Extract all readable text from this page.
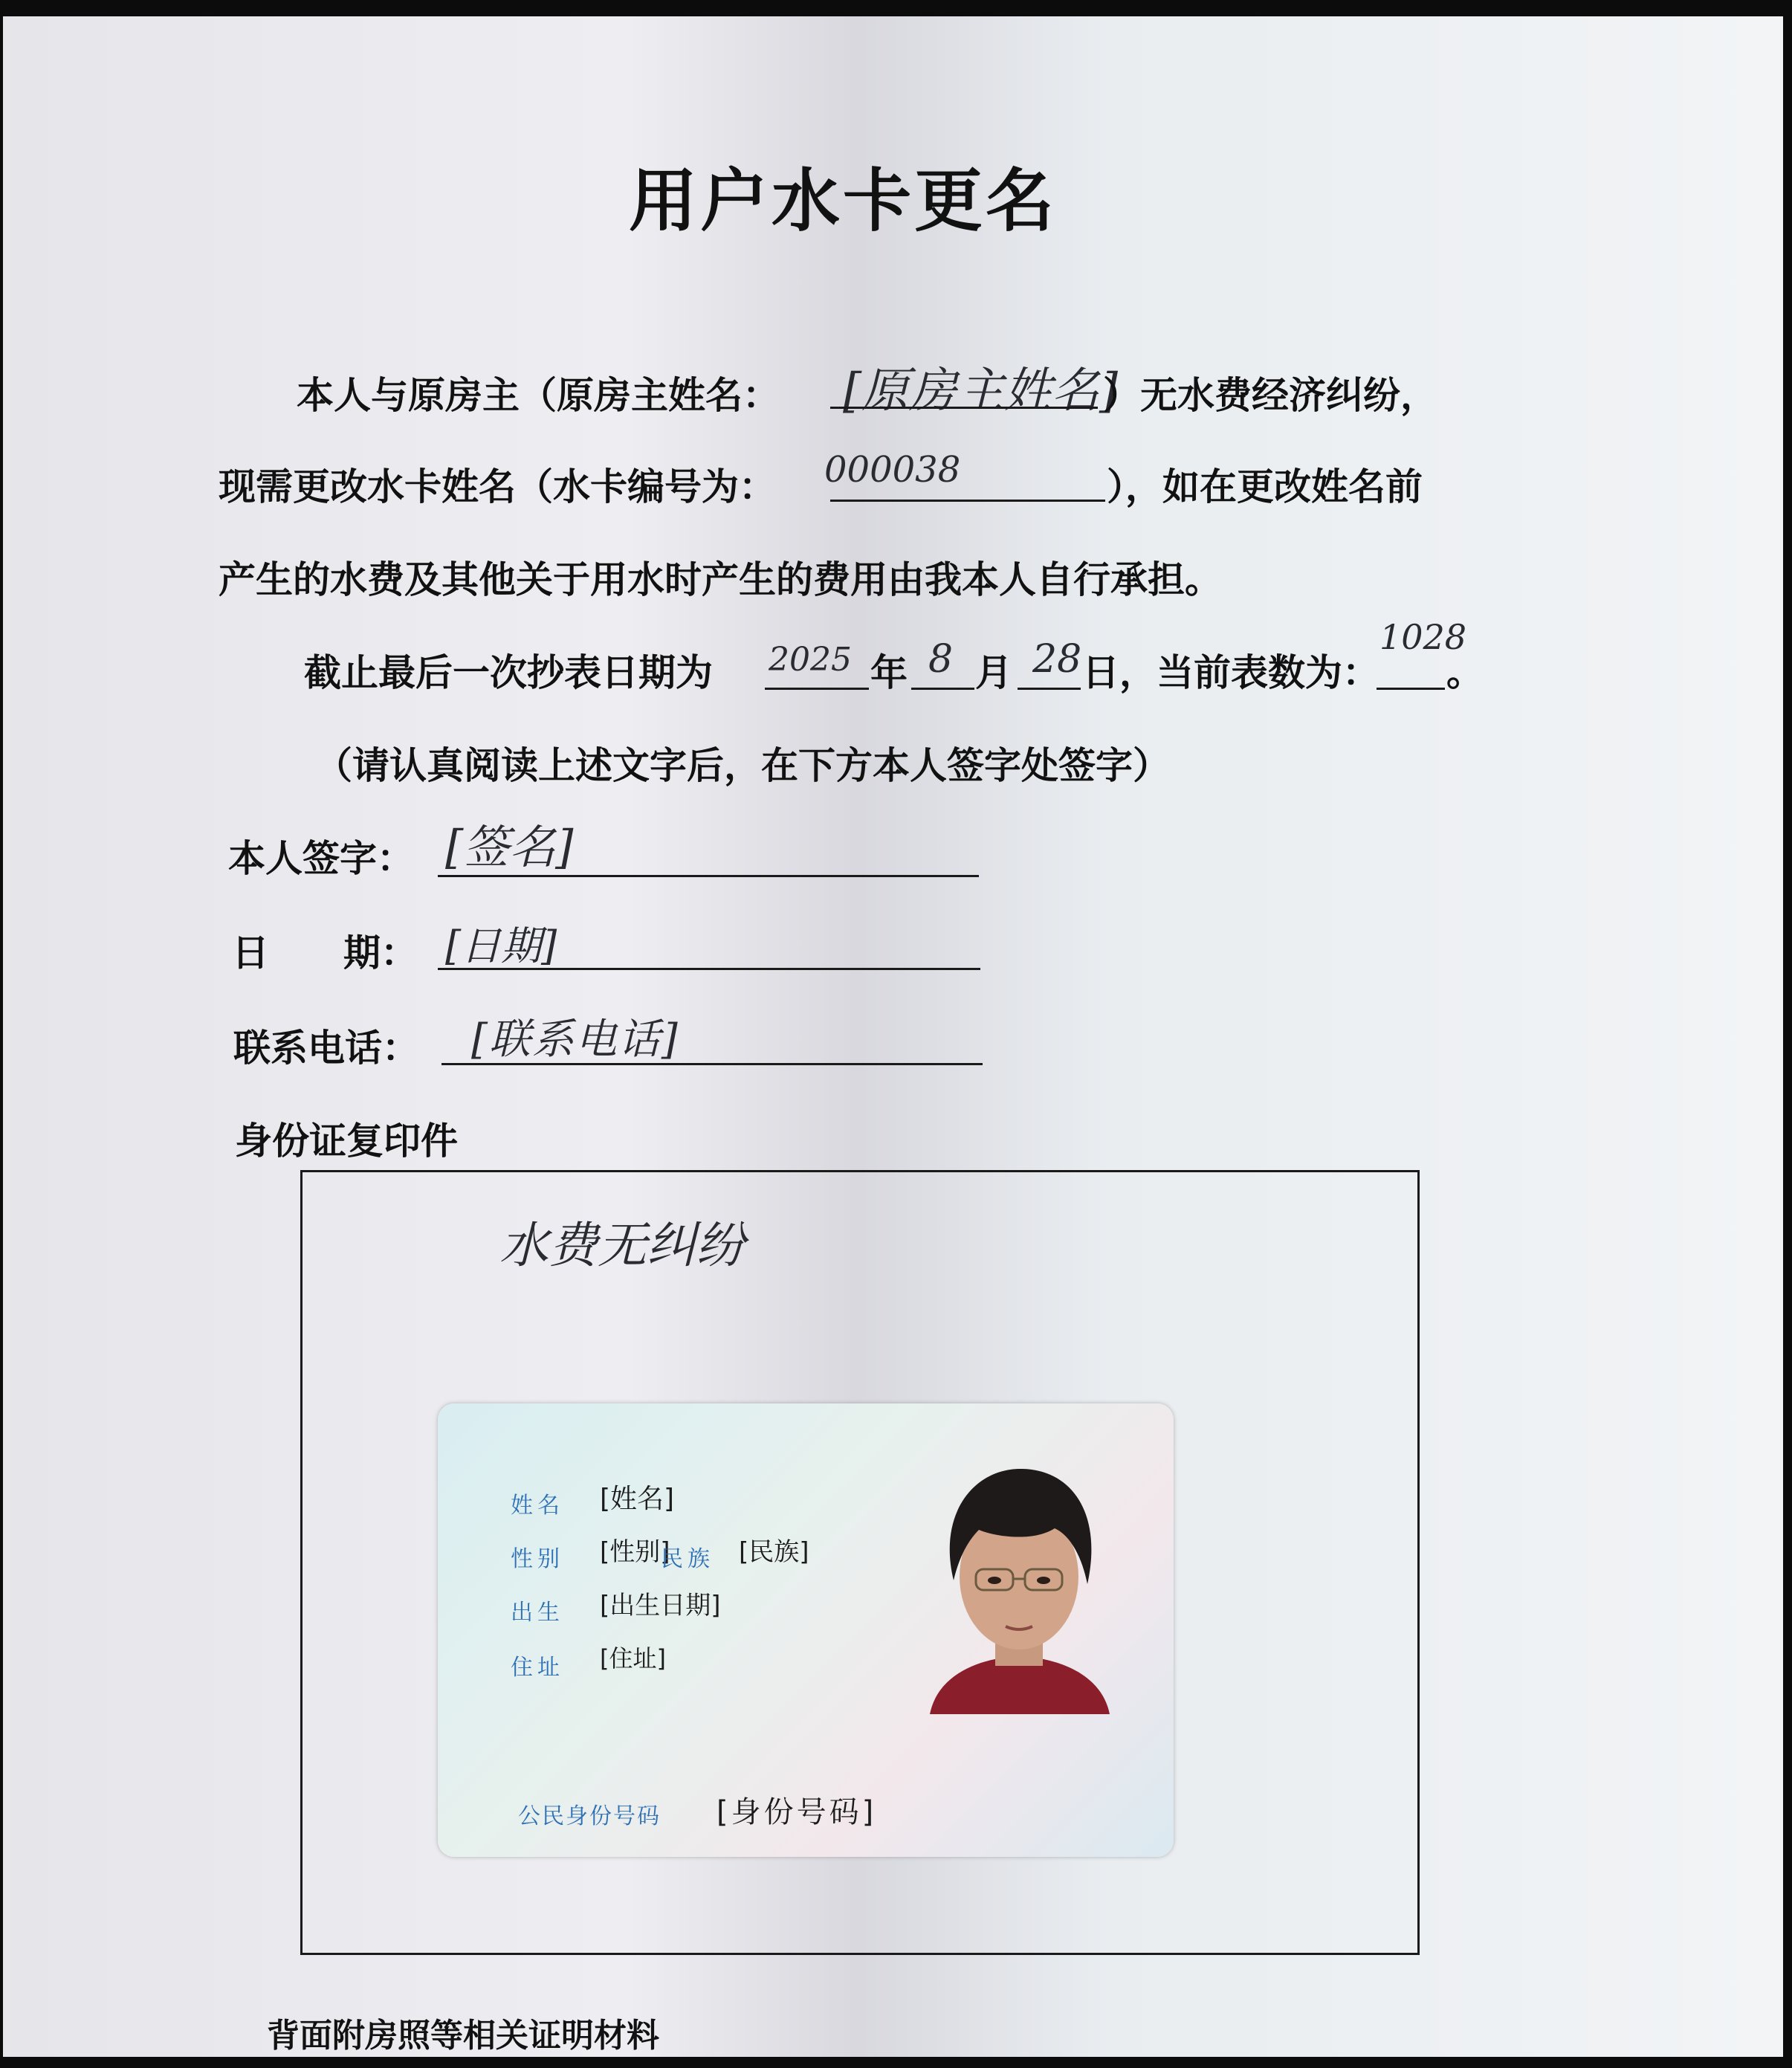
用户水卡更名
本人与原房主（原房主姓名： [原房主姓名]
）无水费经济纠纷，
现需更改水卡姓名（水卡编号为： 000038	），如在更改姓名前
产生的水费及其他关于用水时产生的费用由我本人自行承担。
截止最后一次抄表日期为 2025 年 8 月 28 日，当前表数为：
1028
。
（请认真阅读上述文字后，在下方本人签字处签字）
本人签字： [签名]
日　　期： [日期]
联系电话： [联系电话]
身份证复印件
水费无纠纷
姓名 [姓名]
性别 [性别]
民族 [民族]
出生 [出生日期]
住址 [住址]
公民身份号码 [身份号码]
背面附房照等相关证明材料
